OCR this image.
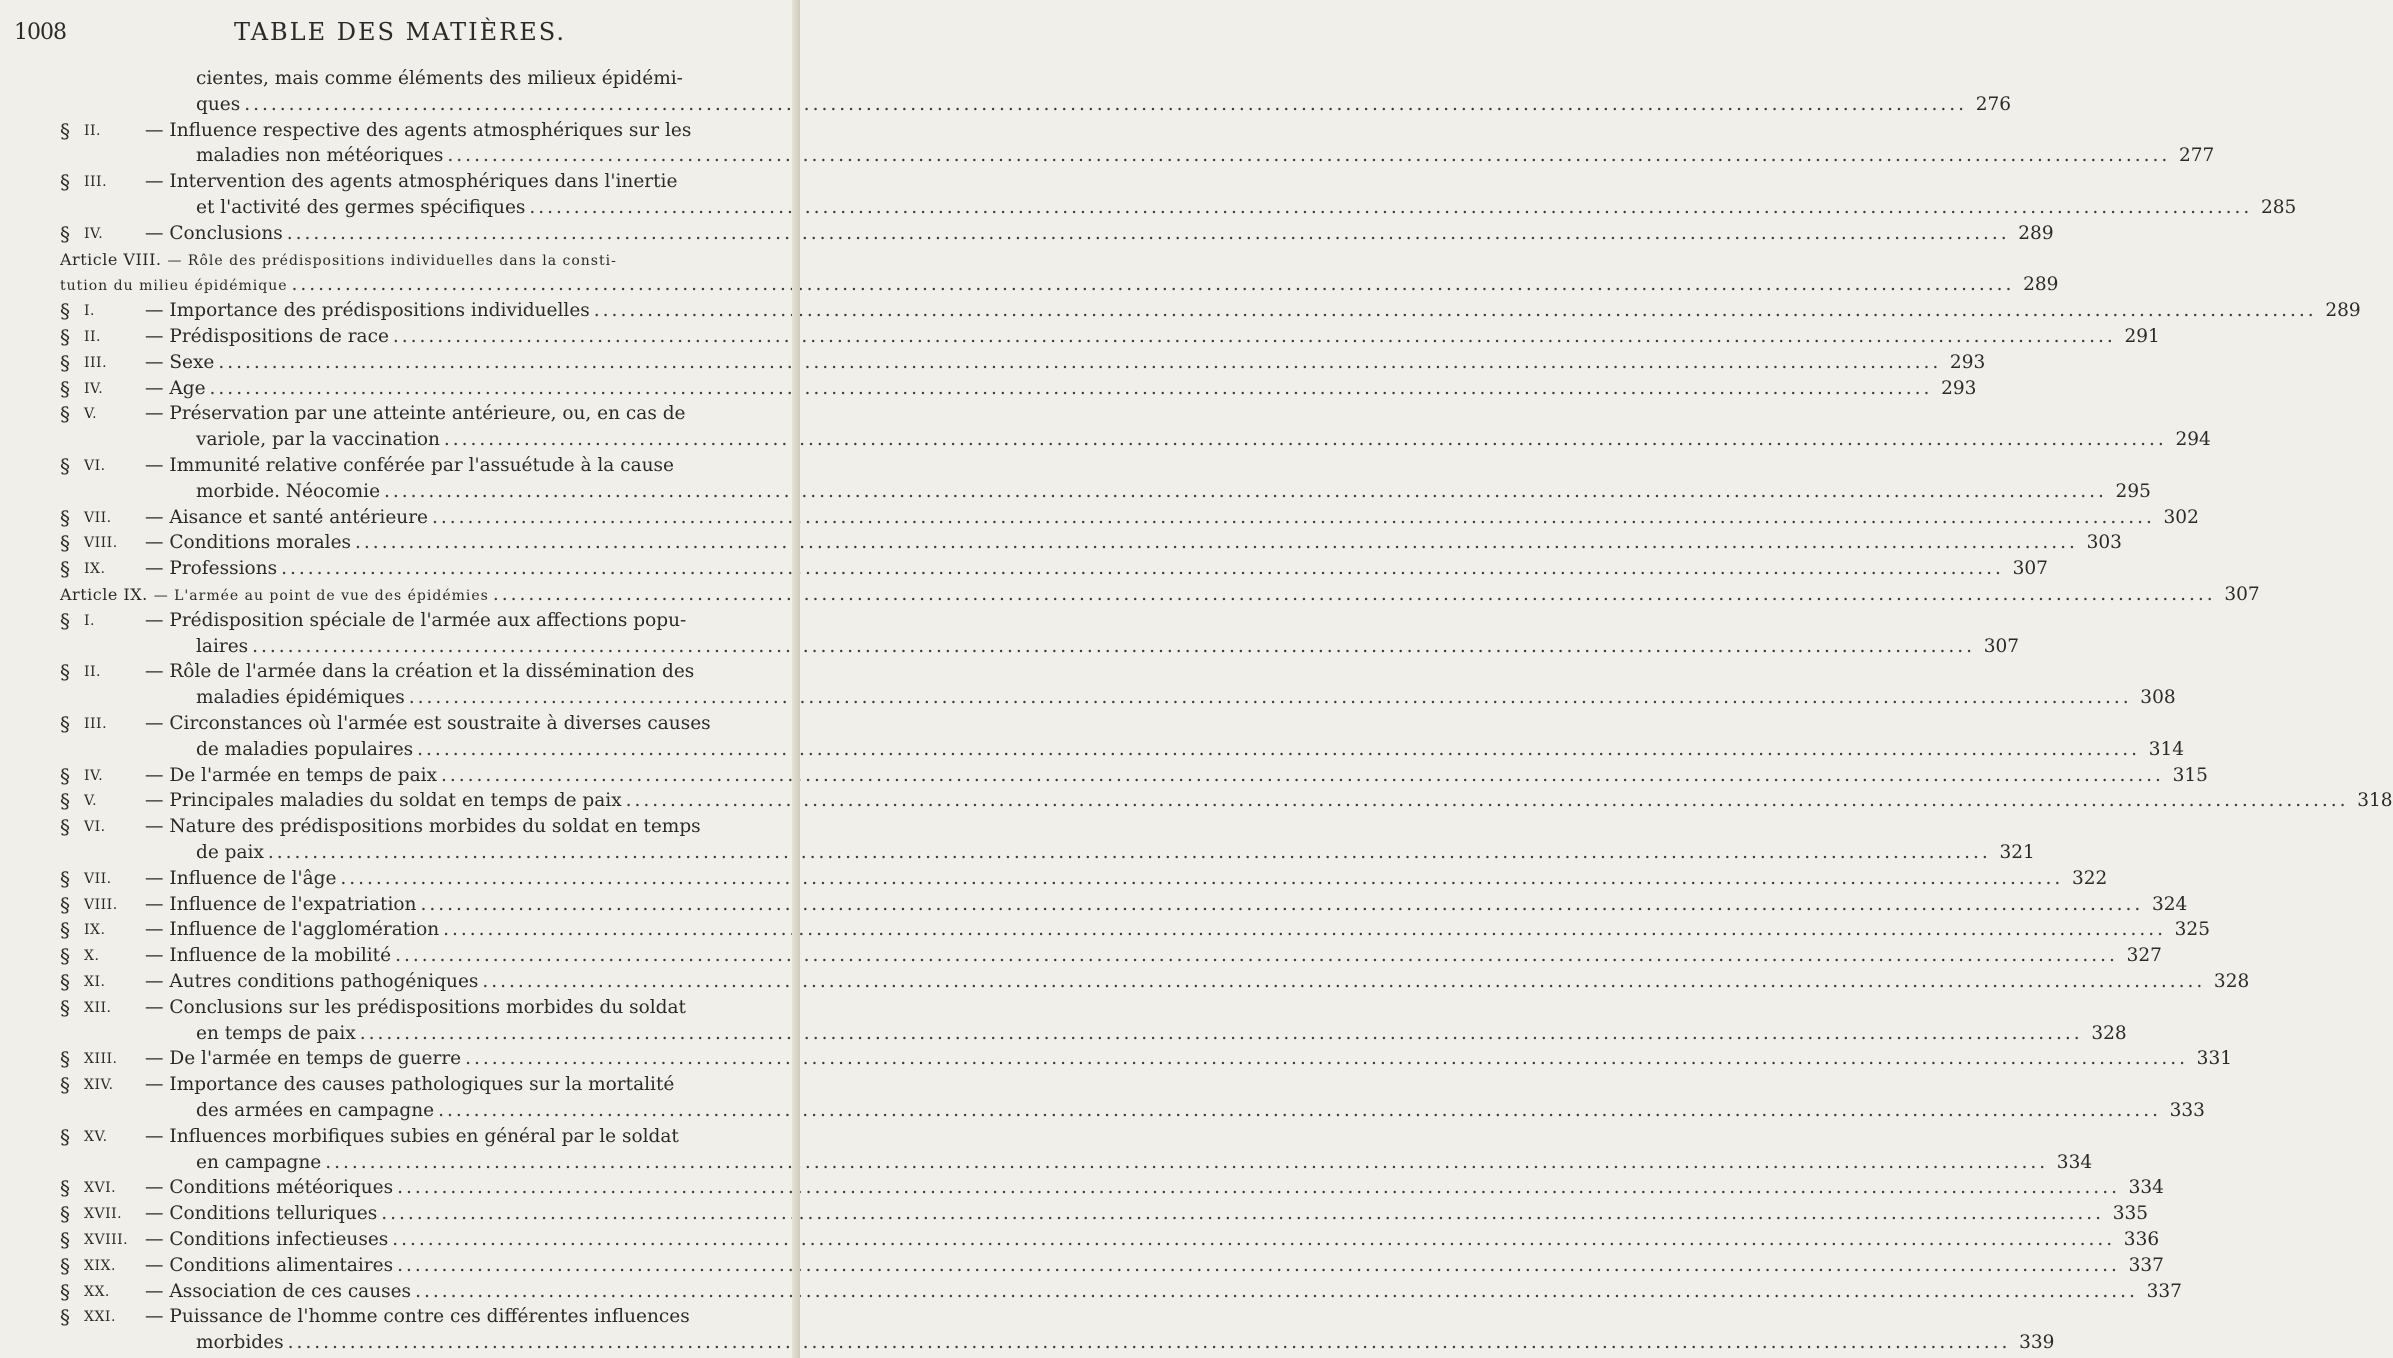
1008	TABLE DES MATIÈRES.
cientes, mais comme éléments des milieux épidémi-
ques .....	276
§	II.	— Influence respective des agents atmosphériques sur les
maladies non météoriques .....	277
§	III.	— Intervention des agents atmosphériques dans l'inertie
et l'activité des germes spécifiques .....	285
§	IV.	— Conclusions .....	289
Article VIII. — Rôle des prédispositions individuelles dans la consti-
tution du milieu épidémique .....	289
§	I.	— Importance des prédispositions individuelles .....	289
§	II.	— Prédispositions de race .....	291
§	III.	— Sexe .....	293
§	IV.	— Age .....	293
§	V.	— Préservation par une atteinte antérieure, ou, en cas de
variole, par la vaccination .....	294
§	VI.	— Immunité relative conférée par l'assuétude à la cause
morbide. Néocomie .....	295
§	VII.	— Aisance et santé antérieure .....	302
§	VIII.	— Conditions morales .....	303
§	IX.	— Professions .....	307
Article IX. — L'armée au point de vue des épidémies .....	307
§	I.	— Prédisposition spéciale de l'armée aux affections popu-
laires .....	307
§	II.	— Rôle de l'armée dans la création et la dissémination des
maladies épidémiques .....	308
§	III.	— Circonstances où l'armée est soustraite à diverses causes
de maladies populaires .....	314
§	IV.	— De l'armée en temps de paix .....	315
§	V.	— Principales maladies du soldat en temps de paix .....	318
§	VI.	— Nature des prédispositions morbides du soldat en temps
de paix .....	321
§	VII.	— Influence de l'âge .....	322
§	VIII.	— Influence de l'expatriation .....	324
§	IX.	— Influence de l'agglomération .....	325
§	X.	— Influence de la mobilité .....	327
§	XI.	— Autres conditions pathogéniques .....	328
§	XII.	— Conclusions sur les prédispositions morbides du soldat
en temps de paix .....	328
§	XIII.	— De l'armée en temps de guerre .....	331
§	XIV.	— Importance des causes pathologiques sur la mortalité
des armées en campagne .....	333
§	XV.	— Influences morbifiques subies en général par le soldat
en campagne .....	334
§	XVI.	— Conditions météoriques .....	334
§	XVII.	— Conditions telluriques .....	335
§	XVIII. — Conditions infectieuses .....	336
§	XIX.	— Conditions alimentaires .....	337
§	XX.	— Association de ces causes .....	337
§	XXI.	— Puissance de l'homme contre ces différentes influences
morbides .....	339
